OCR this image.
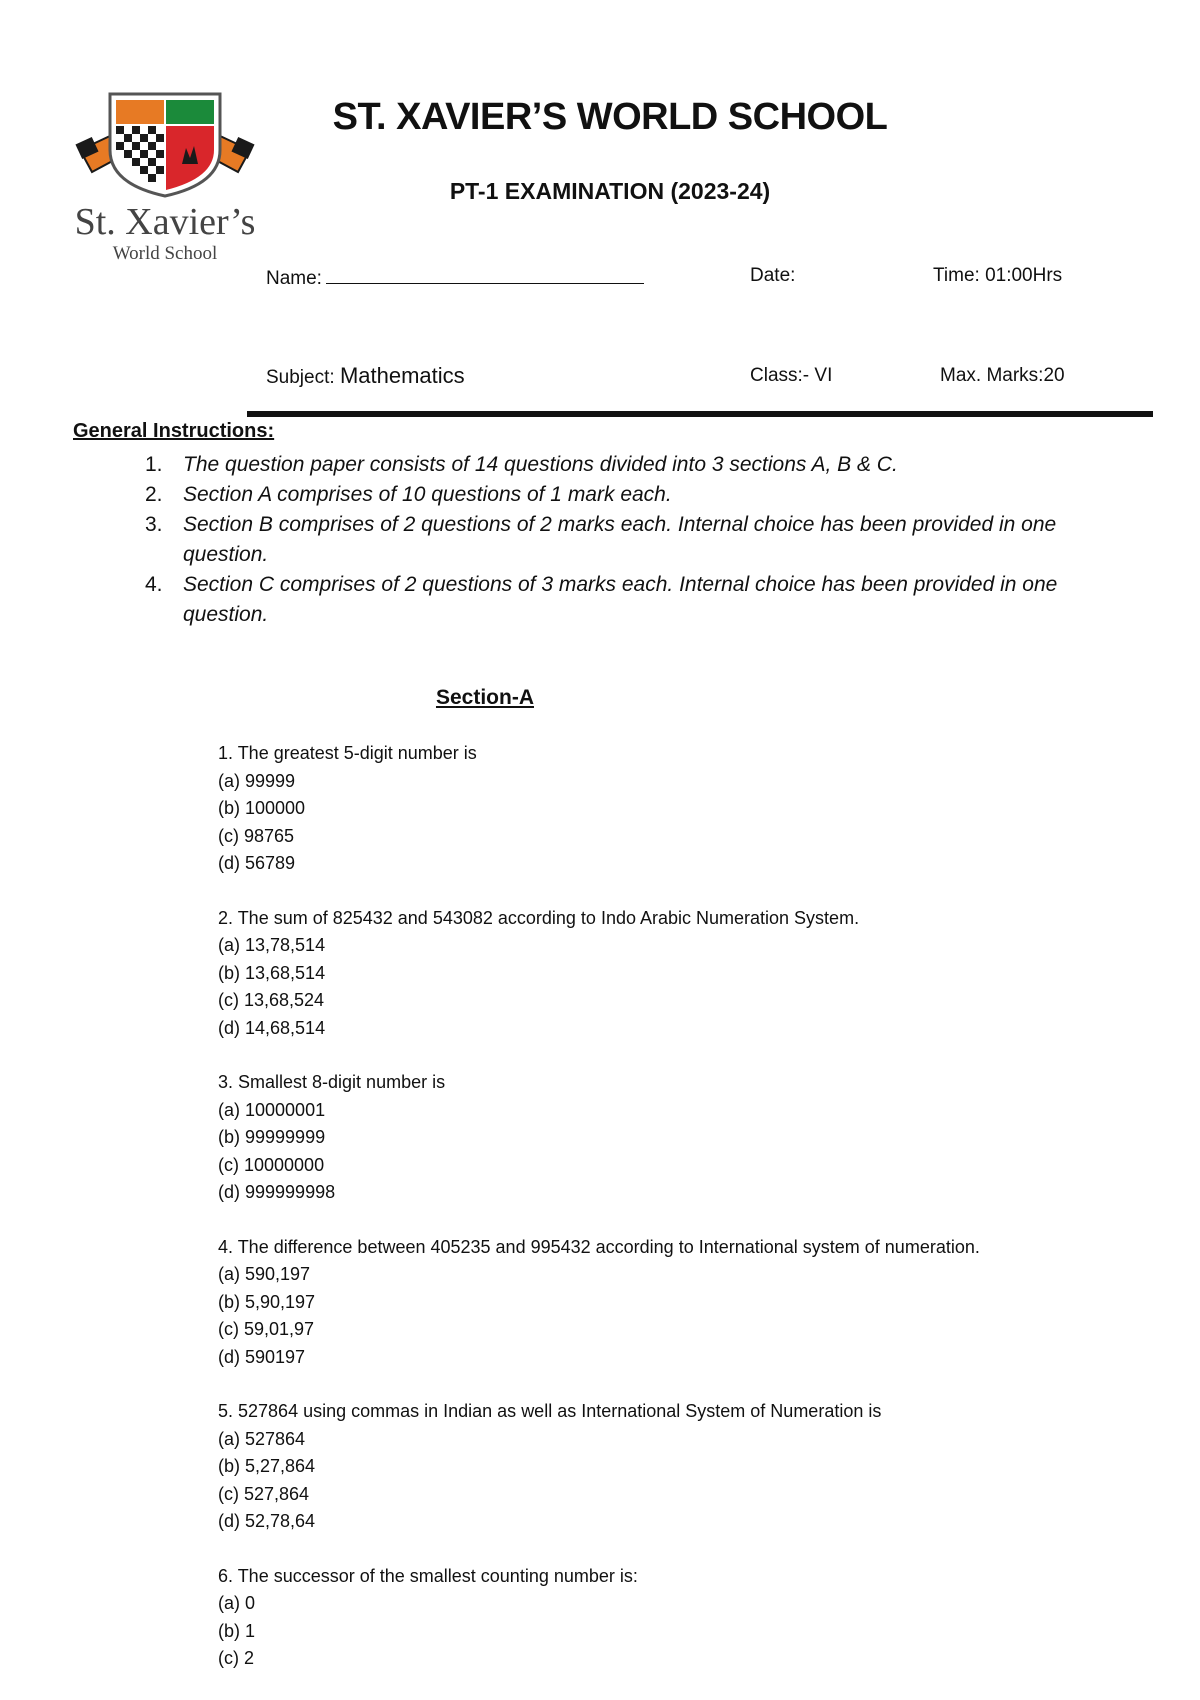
St. Xavier’s
World School
ST. XAVIER’S WORLD SCHOOL
PT-1 EXAMINATION (2023-24)
Name:	Date:	Time: 01:00Hrs
Subject: Mathematics	Class:- VI	Max. Marks:20
General Instructions:
1. The question paper consists of 14 questions divided into 3 sections A, B & C.
2. Section A comprises of 10 questions of 1 mark each.
3. Section B comprises of 2 questions of 2 marks each. Internal choice has been provided in one question.
4. Section C comprises of 2 questions of 3 marks each. Internal choice has been provided in one question.
Section-A
1. The greatest 5-digit number is
(a) 99999
(b) 100000
(c) 98765
(d) 56789
2. The sum of 825432 and 543082 according to Indo Arabic Numeration System.
(a) 13,78,514
(b) 13,68,514
(c) 13,68,524
(d) 14,68,514
3. Smallest 8-digit number is
(a) 10000001
(b) 99999999
(c) 10000000
(d) 999999998
4. The difference between 405235 and 995432 according to International system of numeration.
(a) 590,197
(b) 5,90,197
(c) 59,01,97
(d) 590197
5. 527864 using commas in Indian as well as International System of Numeration is
(a) 527864
(b) 5,27,864
(c) 527,864
(d) 52,78,64
6. The successor of the smallest counting number is:
(a) 0
(b) 1
(c) 2
